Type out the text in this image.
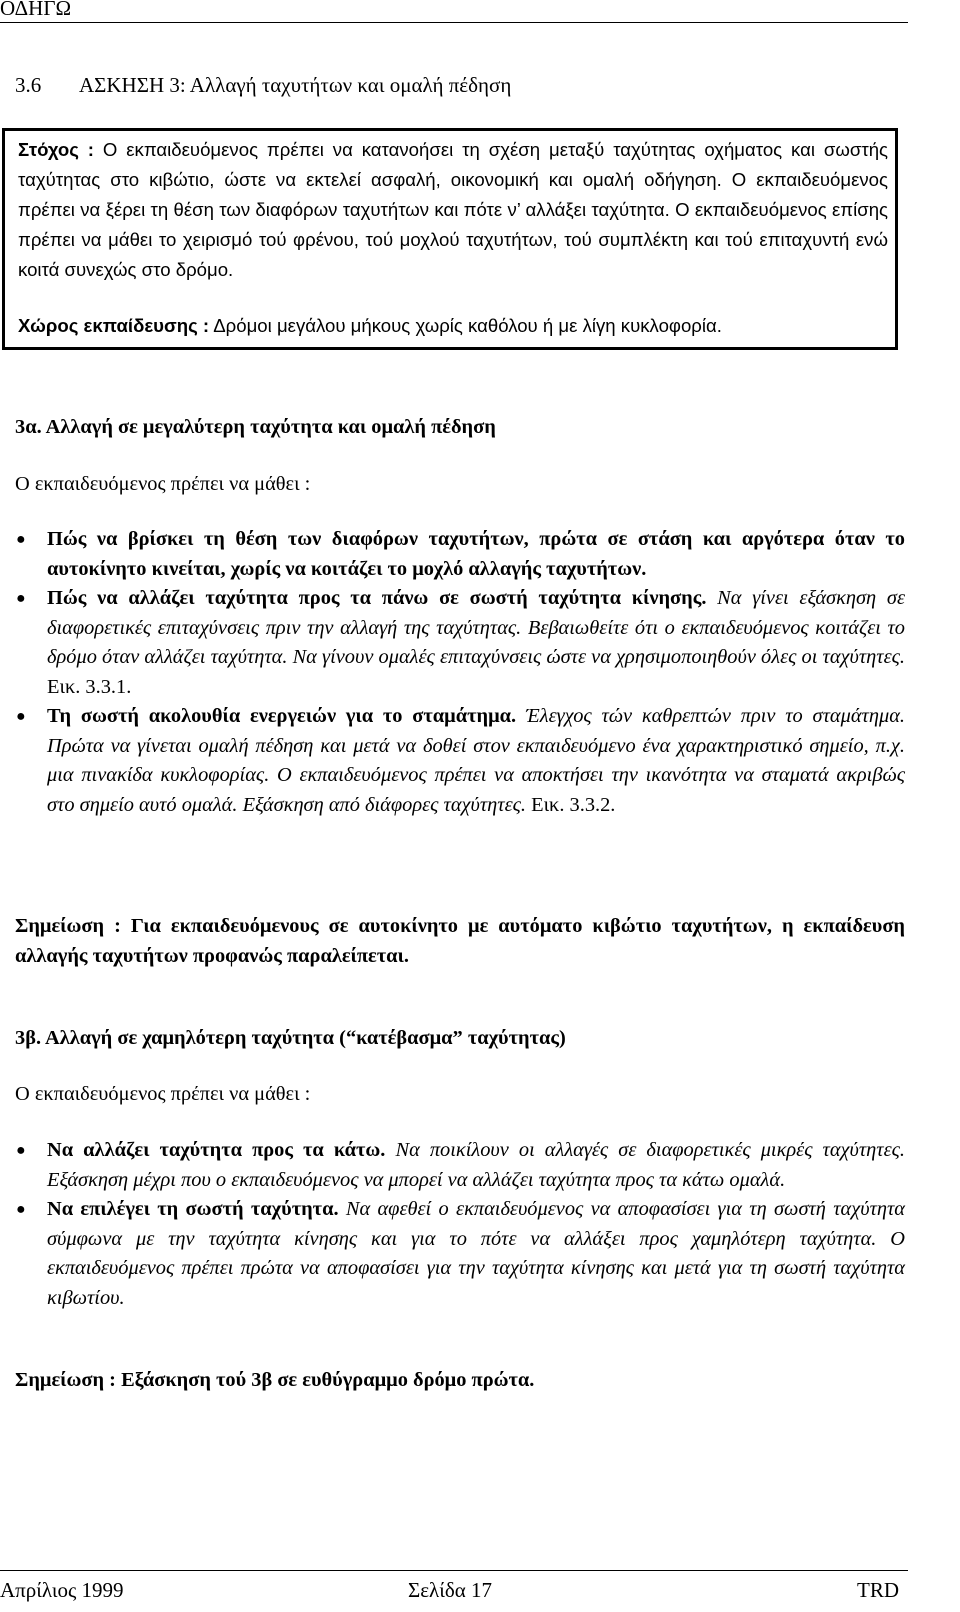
ΟΔΗΓΩ
3.6 ΑΣΚΗΣΗ 3: Αλλαγή ταχυτήτων και ομαλή πέδηση

Στόχος : Ο εκπαιδευόμενος πρέπει να κατανοήσει τη σχέση μεταξύ ταχύτητας οχήματος και σωστής ταχύτητας στο κιβώτιο, ώστε να εκτελεί ασφαλή, οικονομική και ομαλή οδήγηση. Ο εκπαιδευόμενος πρέπει να ξέρει τη θέση των διαφόρων ταχυτήτων και πότε ν’ αλλάξει ταχύτητα. Ο εκπαιδευόμενος επίσης πρέπει να μάθει το χειρισμό τού φρένου, τού μοχλού ταχυτήτων, τού συμπλέκτη και τού επιταχυντή ενώ κοιτά συνεχώς στο δρόμο.

Χώρος εκπαίδευσης : Δρόμοι μεγάλου μήκους χωρίς καθόλου ή με λίγη κυκλοφορία.

3α. Αλλαγή σε μεγαλύτερη ταχύτητα και ομαλή πέδηση
Ο εκπαιδευόμενος πρέπει να μάθει :
● Πώς να βρίσκει τη θέση των διαφόρων ταχυτήτων, πρώτα σε στάση και αργότερα όταν το αυτοκίνητο κινείται, χωρίς να κοιτάζει το μοχλό αλλαγής ταχυτήτων.
● Πώς να αλλάζει ταχύτητα προς τα πάνω σε σωστή ταχύτητα κίνησης. Να γίνει εξάσκηση σε διαφορετικές επιταχύνσεις πριν την αλλαγή της ταχύτητας. Βεβαιωθείτε ότι ο εκπαιδευόμενος κοιτάζει το δρόμο όταν αλλάζει ταχύτητα. Να γίνουν ομαλές επιταχύνσεις ώστε να χρησιμοποιηθούν όλες οι ταχύτητες. Εικ. 3.3.1.
● Τη σωστή ακολουθία ενεργειών για το σταμάτημα. Έλεγχος τών καθρεπτών πριν το σταμάτημα. Πρώτα να γίνεται ομαλή πέδηση και μετά να δοθεί στον εκπαιδευόμενο ένα χαρακτηριστικό σημείο, π.χ. μια πινακίδα κυκλοφορίας. Ο εκπαιδευόμενος πρέπει να αποκτήσει την ικανότητα να σταματά ακριβώς στο σημείο αυτό ομαλά. Εξάσκηση από διάφορες ταχύτητες. Εικ. 3.3.2.
Σημείωση : Για εκπαιδευόμενους σε αυτοκίνητο με αυτόματο κιβώτιο ταχυτήτων, η εκπαίδευση αλλαγής ταχυτήτων προφανώς παραλείπεται.
3β. Αλλαγή σε χαμηλότερη ταχύτητα (“κατέβασμα” ταχύτητας)
Ο εκπαιδευόμενος πρέπει να μάθει :
● Να αλλάζει ταχύτητα προς τα κάτω. Να ποικίλουν οι αλλαγές σε διαφορετικές μικρές ταχύτητες. Εξάσκηση μέχρι που ο εκπαιδευόμενος να μπορεί να αλλάζει ταχύτητα προς τα κάτω ομαλά.
● Να επιλέγει τη σωστή ταχύτητα. Να αφεθεί ο εκπαιδευόμενος να αποφασίσει για τη σωστή ταχύτητα σύμφωνα με την ταχύτητα κίνησης και για το πότε να αλλάξει προς χαμηλότερη ταχύτητα. Ο εκπαιδευόμενος πρέπει πρώτα να αποφασίσει για την ταχύτητα κίνησης και μετά για τη σωστή ταχύτητα κιβωτίου.
Σημείωση : Εξάσκηση τού 3β σε ευθύγραμμο δρόμο πρώτα.
Απρίλιος 1999	Σελίδα 17	TRD
